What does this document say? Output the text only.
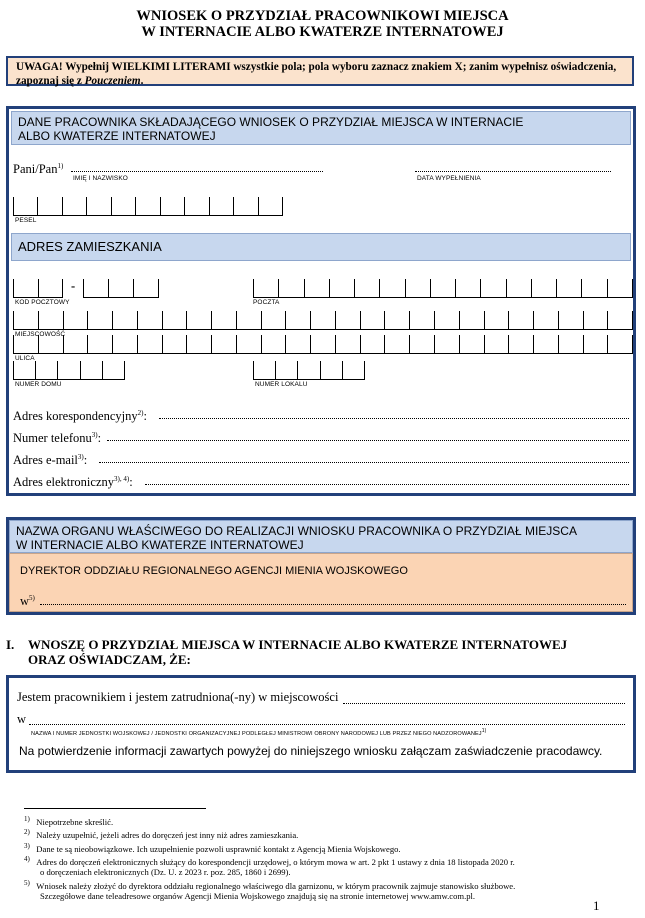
WNIOSEK O PRZYDZIAŁ PRACOWNIKOWI MIEJSCA
W INTERNACIE ALBO KWATERZE INTERNATOWEJ
UWAGA! Wypełnij WIELKIMI LITERAMI wszystkie pola; pola wyboru zaznacz znakiem X; zanim wypełnisz oświadczenia, zapoznaj się z Pouczeniem.
DANE PRACOWNIKA SKŁADAJĄCEGO WNIOSEK O PRZYDZIAŁ MIEJSCA W INTERNACIE
ALBO KWATERZE INTERNATOWEJ
Pani/Pan$^{1)}$
IMIĘ I NAZWISKO	DATA WYPEŁNIENIA
PESEL
ADRES ZAMIESZKANIA
-
KOD POCZTOWY	POCZTA
MIEJSCOWOŚĆ
ULICA
NUMER DOMU	NUMER LOKALU
Adres korespondencyjny$^{2)}$:
Numer telefonu$^{3)}$:
Adres e-mail$^{3)}$:
Adres elektroniczny$^{3), 4)}$:
NAZWA ORGANU WŁAŚCIWEGO DO REALIZACJI WNIOSKU PRACOWNIKA O PRZYDZIAŁ MIEJSCA
W INTERNACIE ALBO KWATERZE INTERNATOWEJ
DYREKTOR ODDZIAŁU REGIONALNEGO AGENCJI MIENIA WOJSKOWEGO
$w^{5)}$
I. WNOSZĘ O PRZYDZIAŁ MIEJSCA W INTERNACIE ALBO KWATERZE INTERNATOWEJ
ORAZ OŚWIADCZAM, ŻE:
Jestem pracownikiem i jestem zatrudniona(-ny) w miejscowości
w
NAZWA I NUMER JEDNOSTKI WOJSKOWEJ / JEDNOSTKI ORGANIZACYJNEJ PODLEGŁEJ MINISTROWI OBRONY NARODOWEJ LUB PRZEZ NIEGO NADZOROWANEJ$^{1)}$
Na potwierdzenie informacji zawartych powyżej do niniejszego wniosku załączam zaświadczenie pracodawcy.
$^{1)}$ Niepotrzebne skreślić.
$^{2)}$ Należy uzupełnić, jeżeli adres do doręczeń jest inny niż adres zamieszkania.
$^{3)}$ Dane te są nieobowiązkowe. Ich uzupełnienie pozwoli usprawnić kontakt z Agencją Mienia Wojskowego.
$^{4)}$ Adres do doręczeń elektronicznych służący do korespondencji urzędowej, o którym mowa w art. 2 pkt 1 ustawy z dnia 18 listopada 2020 r.
o doręczeniach elektronicznych (Dz. U. z 2023 r. poz. 285, 1860 i 2699).
$^{5)}$ Wniosek należy złożyć do dyrektora oddziału regionalnego właściwego dla garnizonu, w którym pracownik zajmuje stanowisko służbowe.
Szczegółowe dane teleadresowe organów Agencji Mienia Wojskowego znajdują się na stronie internetowej www.amw.com.pl.
1
